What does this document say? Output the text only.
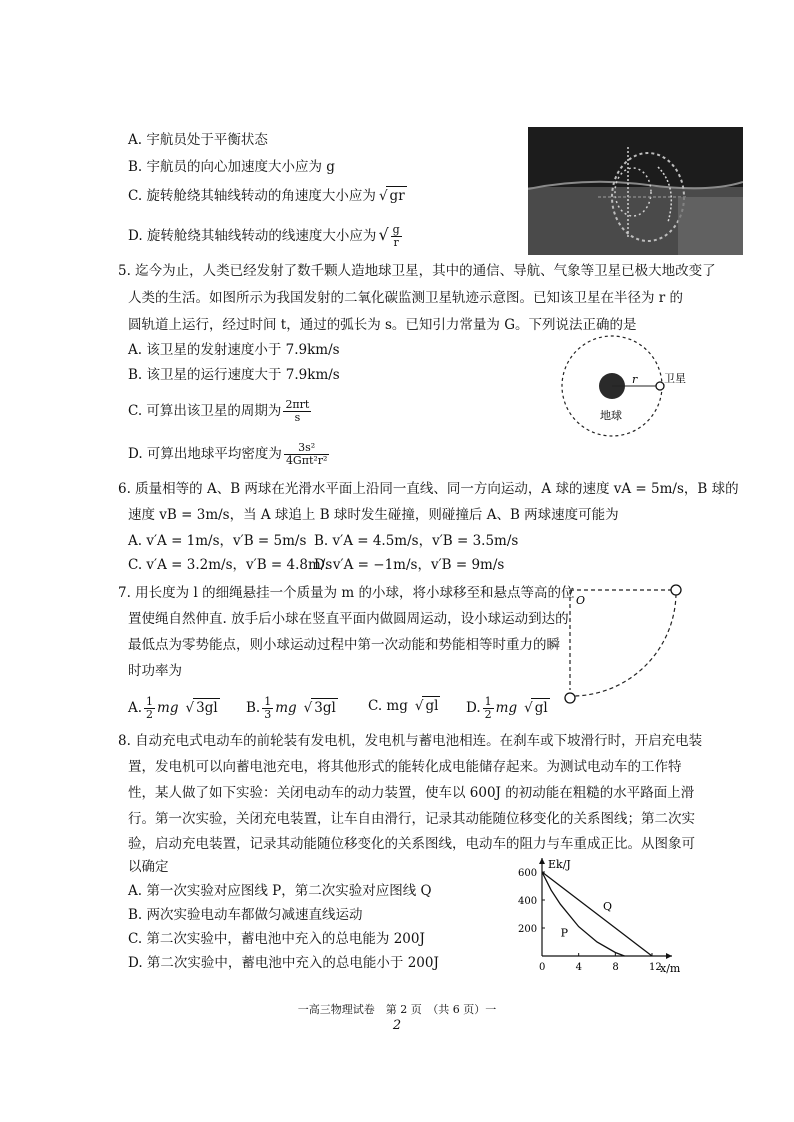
A. 宇航员处于平衡状态
B. 宇航员的向心加速度大小应为 g
C. 旋转舱绕其轴线转动的角速度大小应为√ gr
D. 旋转舱绕其轴线转动的线速度大小应为 √ $\frac{g}{r}$
5. 迄今为止，人类已经发射了数千颗人造地球卫星，其中的通信、导航、气象等卫星已极大地改变了
人类的生活。如图所示为我国发射的二氧化碳监测卫星轨迹示意图。已知该卫星在半径为 r 的
圆轨道上运行，经过时间 t，通过的弧长为 s。已知引力常量为 G。下列说法正确的是
A. 该卫星的发射速度小于 7.9km/s
B. 该卫星的运行速度大于 7.9km/s
C. 可算出该卫星的周期为 $\frac{\text{2πrt}}{s}$
D. 可算出地球平均密度为 $\frac{\text{3s²}}{\text{4Gπt²r²}}$
r 卫星
地球
6. 质量相等的 A、B 两球在光滑水平面上沿同一直线、同一方向运动，A 球的速度 vA = 5m/s，B 球的
速度 vB = 3m/s，当 A 球追上 B 球时发生碰撞，则碰撞后 A、B 两球速度可能为
A. v′A = 1m/s，v′B = 5m/s B. v′A = 4.5m/s，v′B = 3.5m/s
C. v′A = 3.2m/s，v′B = 4.8m/s
D. v′A = −1m/s，v′B = 9m/s
7. 用长度为 l 的细绳悬挂一个质量为 m 的小球，将小球移至和悬点等高的位
置使绳自然伸直. 放手后小球在竖直平面内做圆周运动，设小球运动到达的
最低点为零势能点，则小球运动过程中第一次动能和势能相等时重力的瞬
时功率为
A. $\frac{1}{2} mg√$ 3gl B. $\frac{1}{3} mg√$ 3gl C. mg√ gl D. $\frac{1}{2} mg√$ gl
O
8. 自动充电式电动车的前轮装有发电机，发电机与蓄电池相连。在刹车或下坡滑行时，开启充电装
置，发电机可以向蓄电池充电，将其他形式的能转化成电能储存起来。为测试电动车的工作特
性，某人做了如下实验：关闭电动车的动力装置，使车以 600J 的初动能在粗糙的水平路面上滑
行。第一次实验，关闭充电装置，让车自由滑行，记录其动能随位移变化的关系图线；第二次实
验，启动充电装置，记录其动能随位移变化的关系图线，电动车的阻力与车重成正比。从图象可
以确定
A. 第一次实验对应图线 P，第二次实验对应图线 Q
B. 两次实验电动车都做匀减速直线运动
C. 第二次实验中，蓄电池中充入的总电能为 200J
D. 第二次实验中，蓄电池中充入的总电能小于 200J
Ek/J
x/m
0	4	8	12
200
400
600
P
Q
一高三物理试卷　第 2 页　（共 6 页）一
2
